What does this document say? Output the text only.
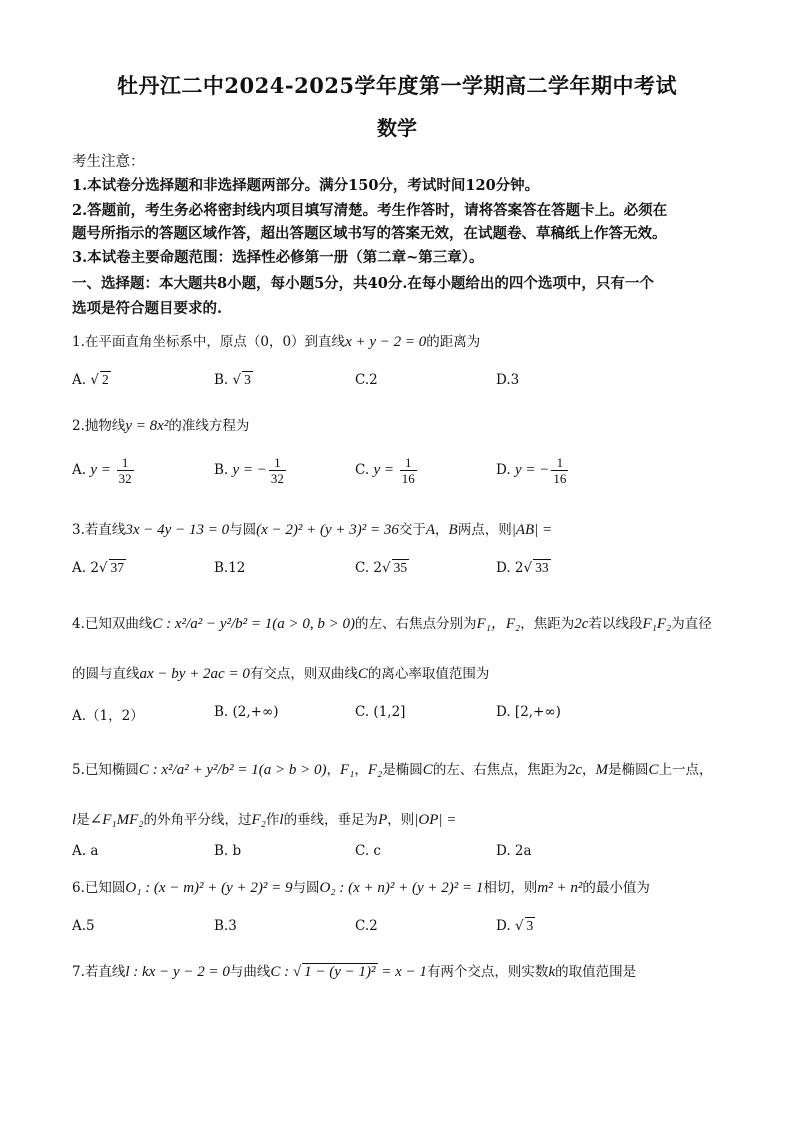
牡丹江二中2024-2025学年度第一学期高二学年期中考试
数学
考生注意：
1.本试卷分选择题和非选择题两部分。满分150分，考试时间120分钟。
2.答题前，考生务必将密封线内项目填写清楚。考生作答时，请将答案答在答题卡上。必须在
题号所指示的答题区域作答，超出答题区域书写的答案无效，在试题卷、草稿纸上作答无效。
3.本试卷主要命题范围：选择性必修第一册（第二章~第三章）。
一、选择题：本大题共8小题，每小题5分，共40分.在每小题给出的四个选项中，只有一个
选项是符合题目要求的.
1.在平面直角坐标系中，原点（0，0）到直线x + y − 2 = 0的距离为
A. √ 2	B. √ 3	C.2	D.3
2.抛物线y = 8x²的准线方程为
A. $y = \frac{1}{32}$	B. y = − $\frac{1}{32}$	C. $y = \frac{1}{16}$	D. y = − $\frac{1}{16}$
3.若直线3x − 4y − 13 = 0与圆(x − 2)² + (y + 3)² = 36交于A，B两点，则|AB| =
A. 2√ 37	B.12	C. 2√ 35	D. 2√ 33
4.已知双曲线C : x²/a² − y²/b² = 1(a > 0, b > 0)的左、右焦点分别为F₁，F₂，焦距为2c若以线段F₁F₂为直径
的圆与直线ax − by + 2ac = 0有交点，则双曲线C的离心率取值范围为
A.（1，2）	B. (2,+∞)	C. (1,2]	D. [2,+∞)
5.已知椭圆C : x²/a² + y²/b² = 1(a > b > 0)，F₁，F₂是椭圆C的左、右焦点，焦距为2c，M是椭圆C上一点，
l是∠F₁MF₂的外角平分线，过F₂作l的垂线，垂足为P，则|OP| =
A. a	B. b	C. c	D. 2a
6.已知圆O₁ : (x − m)² + (y + 2)² = 9与圆O₂ : (x + n)² + (y + 2)² = 1相切，则m² + n²的最小值为
A.5	B.3	C.2	D. √ 3
7.若直线l : kx − y − 2 = 0与曲线C : √ 1 − (y − 1)² = x − 1有两个交点，则实数k的取值范围是
